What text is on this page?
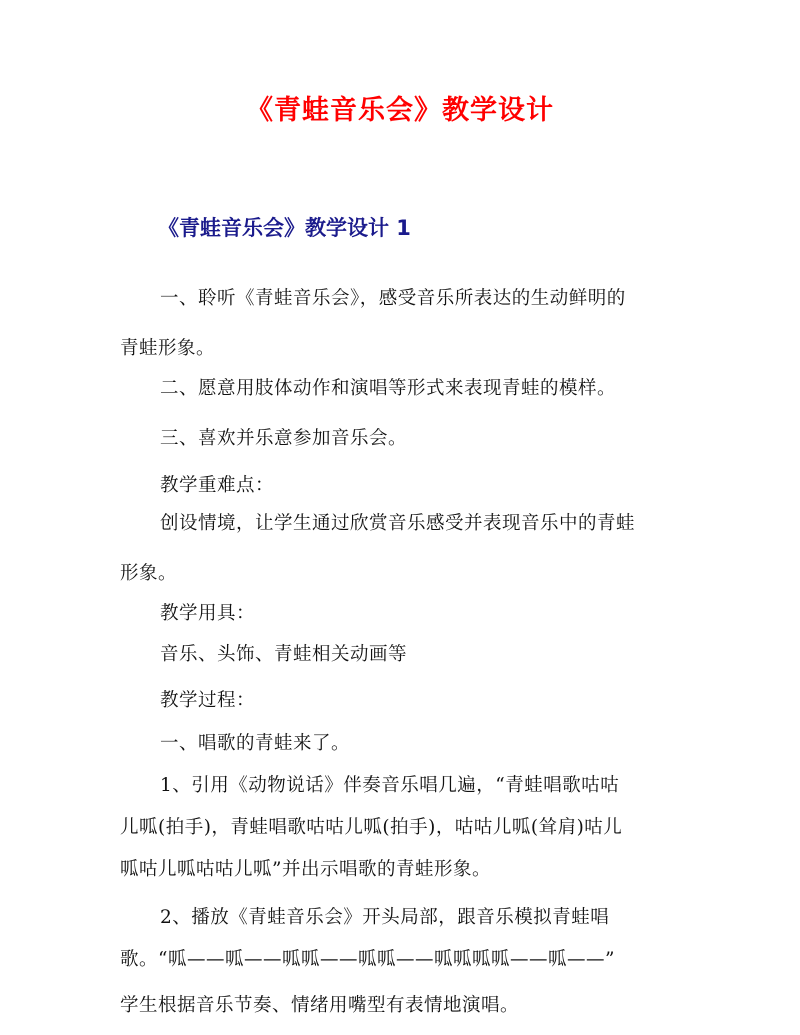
《青蛙音乐会》教学设计
《青蛙音乐会》教学设计 1

一、聆听《青蛙音乐会》，感受音乐所表达的生动鲜明的

青蛙形象。

二、愿意用肢体动作和演唱等形式来表现青蛙的模样。

三、喜欢并乐意参加音乐会。

教学重难点：

创设情境，让学生通过欣赏音乐感受并表现音乐中的青蛙

形象。

教学用具：

音乐、头饰、青蛙相关动画等

教学过程：

一、唱歌的青蛙来了。

1、引用《动物说话》伴奏音乐唱几遍，“青蛙唱歌咕咕

儿呱(拍手)，青蛙唱歌咕咕儿呱(拍手)，咕咕儿呱(耸肩)咕儿

呱咕儿呱咕咕儿呱”并出示唱歌的青蛙形象。

2、播放《青蛙音乐会》开头局部，跟音乐模拟青蛙唱

歌。“呱——呱——呱呱——呱呱——呱呱呱呱——呱——”

学生根据音乐节奏、情绪用嘴型有表情地演唱。
